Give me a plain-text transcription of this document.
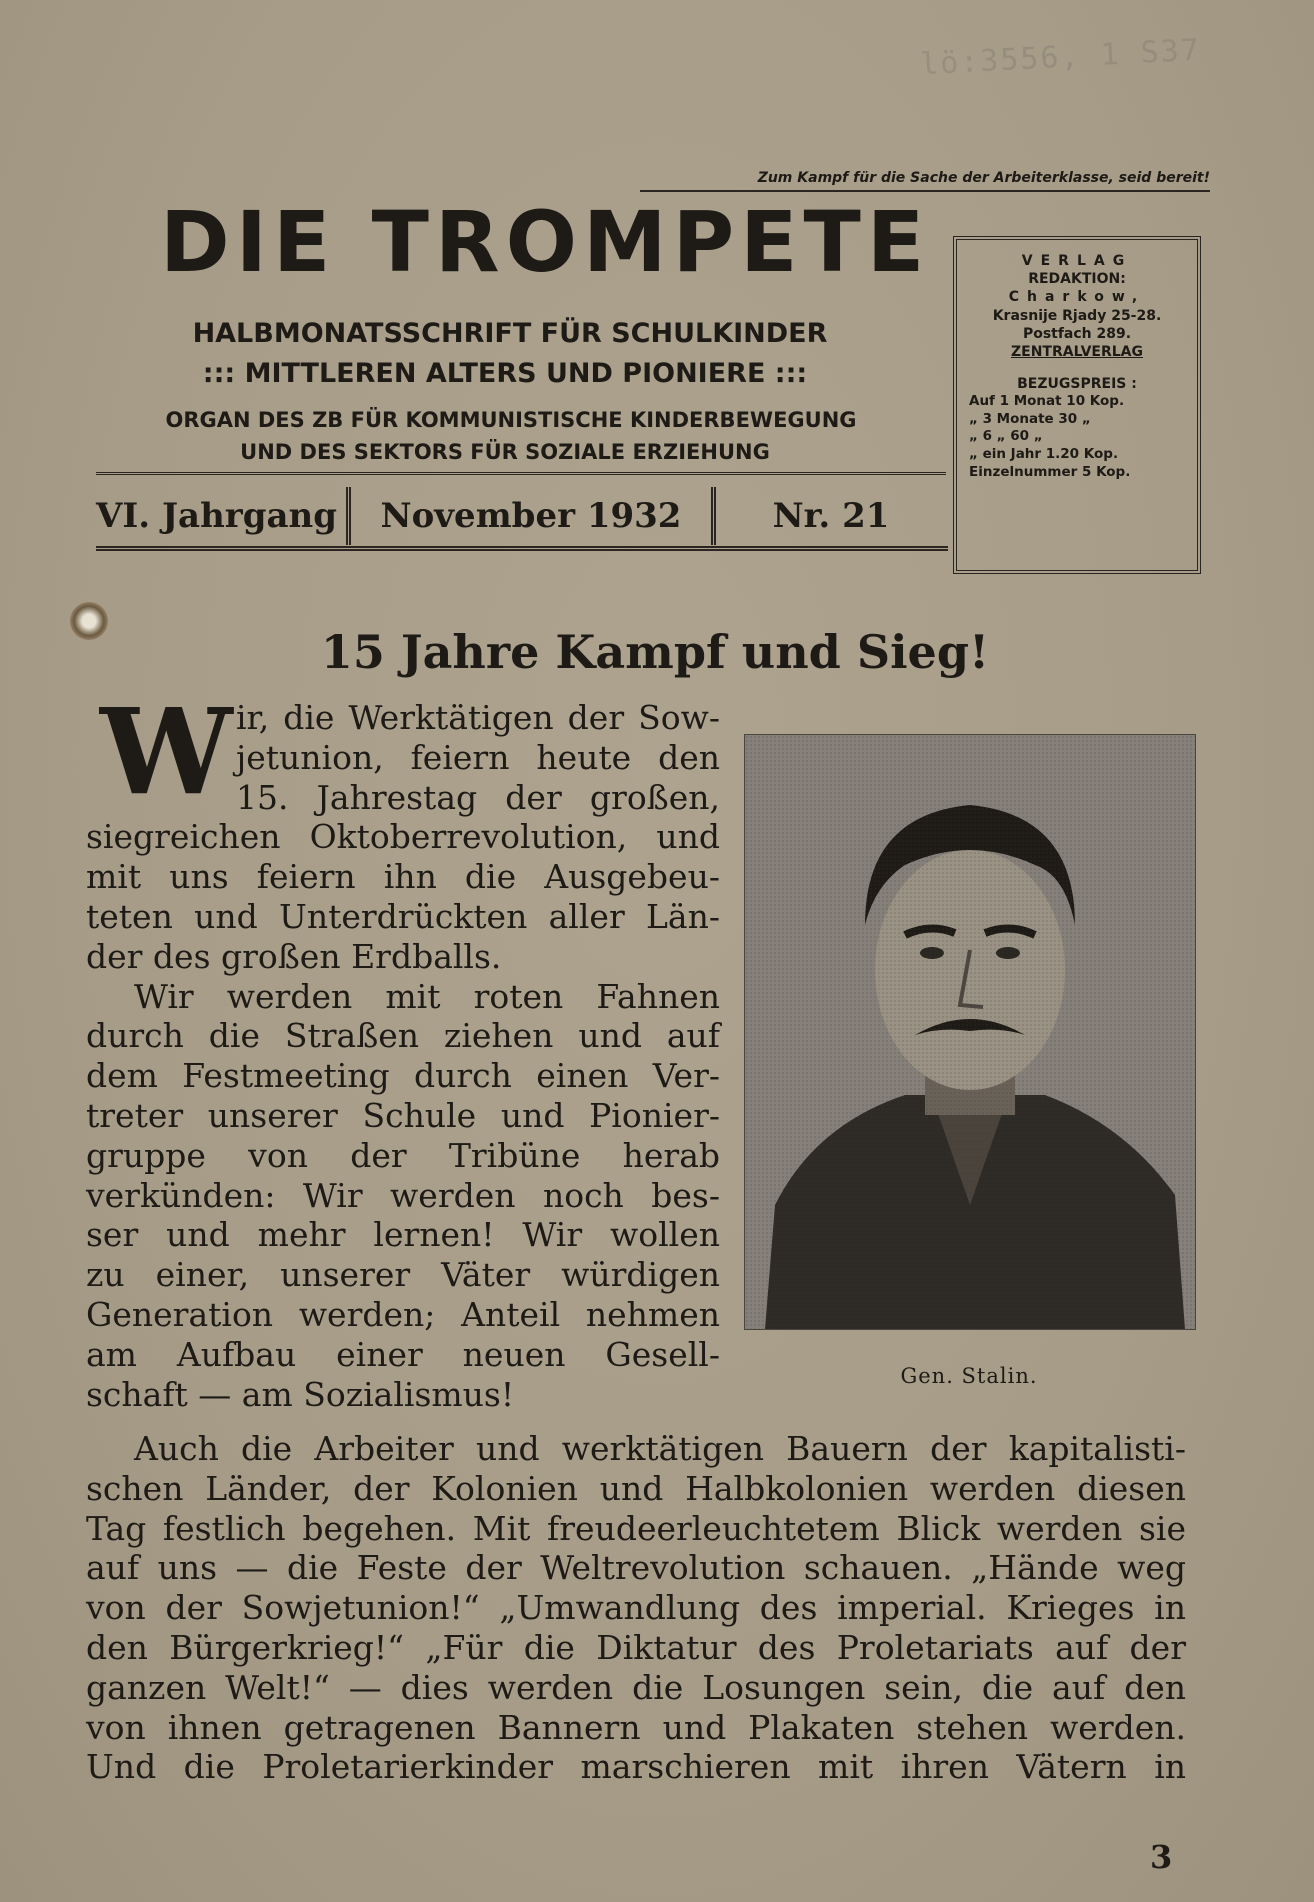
lö:3556, 1 S37
Zum Kampf für die Sache der Arbeiterklasse, seid bereit!
DIE TROMPETE
HALBMONATSSCHRIFT FÜR SCHULKINDER
::: MITTLEREN ALTERS UND PIONIERE :::
ORGAN DES ZB FÜR KOMMUNISTISCHE KINDERBEWEGUNG
UND DES SEKTORS FÜR SOZIALE ERZIEHUNG
VI. Jahrgang	November 1932	Nr. 21
VERLAG
REDAKTION:
Charkow,
Krasnije Rjady 25-28.
Postfach 289.
ZENTRALVERLAG
BEZUGSPREIS :
Auf 1 Monat 10 Kop.
„ 3 Monate 30 „
„ 6 „ 60 „
„ ein Jahr 1.20 Kop.
Einzelnummer 5 Kop.
15 Jahre Kampf und Sieg!
W ir, die Werktätigen der Sow-
jetunion, feiern heute den
15. Jahrestag der großen,
siegreichen Oktoberrevolution, und
mit uns feiern ihn die Ausgebeu-
teten und Unterdrückten aller Län-
der des großen Erdballs.
Wir werden mit roten Fahnen
durch die Straßen ziehen und auf
dem Festmeeting durch einen Ver-
treter unserer Schule und Pionier-
gruppe von der Tribüne herab
verkünden: Wir werden noch bes-
ser und mehr lernen! Wir wollen
zu einer, unserer Väter würdigen
Generation werden; Anteil nehmen
am Aufbau einer neuen Gesell-
schaft — am Sozialismus!	Gen. Stalin.
Auch die Arbeiter und werktätigen Bauern der kapitalisti-
schen Länder, der Kolonien und Halbkolonien werden diesen
Tag festlich begehen. Mit freudeerleuchtetem Blick werden sie
auf uns — die Feste der Weltrevolution schauen. „Hände weg
von der Sowjetunion!“ „Umwandlung des imperial. Krieges in
den Bürgerkrieg!“ „Für die Diktatur des Proletariats auf der
ganzen Welt!“ — dies werden die Losungen sein, die auf den
von ihnen getragenen Bannern und Plakaten stehen werden.
Und die Proletarierkinder marschieren mit ihren Vätern in
3
